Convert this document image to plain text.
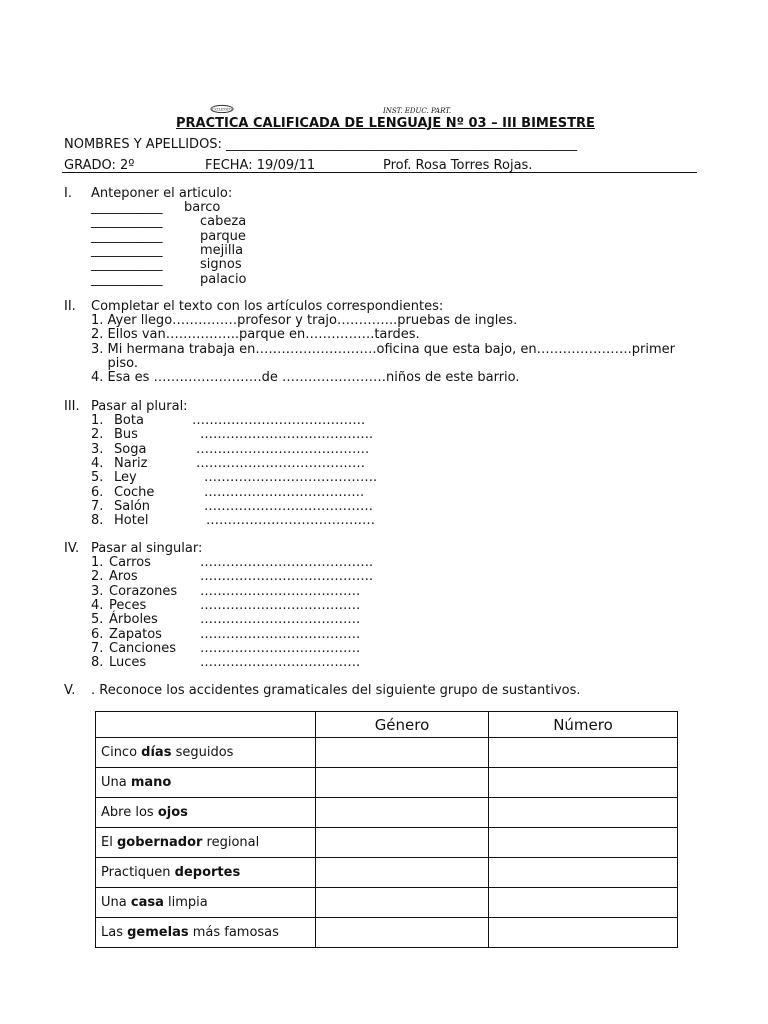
COLEGIO	INST. EDUC. PART.
PRACTICA CALIFICADA DE LENGUAJE Nº 03 – III BIMESTRE
NOMBRES Y APELLIDOS: ______________________________________________________
GRADO: 2º	FECHA: 19/09/11	Prof. Rosa Torres Rojas.
I. Anteponer el articulo:
___________ barco
___________	cabeza
___________	parque
___________	mejilla
___________	signos
___________	palacio
II. Completar el texto con los artículos correspondientes:
1. Ayer llego……………profesor y trajo…………..pruebas de ingles.
2. Ellos van……………..parque en…………….tardes.
3. Mi hermana trabaja en……………………….oficina que esta bajo, en………………….primer
piso.
4. Esa es …………………….de ……………………niños de este barrio.
III. Pasar al plural:
1. Bota	………………………………….
2. Bus	………………………………….
3. Soga	………………………………….
4. Nariz	…………………………………
5. Ley	………………………………….
6. Coche	……………………………….
7. Salón	…………………………………
8. Hotel	…………………………………
IV. Pasar al singular:
1. Carros	………………………………….
2. Aros	………………………………….
3. Corazones ……………………………….
4. Peces	……………………………….
5. Árboles	……………………………….
6. Zapatos	……………………………….
7. Canciones ……………………………….
8. Luces	……………………………….
V. . Reconoce los accidentes gramaticales del siguiente grupo de sustantivos.
	Género	Número
Cinco días seguidos		
Una mano		
Abre los ojos		
El gobernador regional		
Practiquen deportes		
Una casa limpia		
Las gemelas más famosas		
